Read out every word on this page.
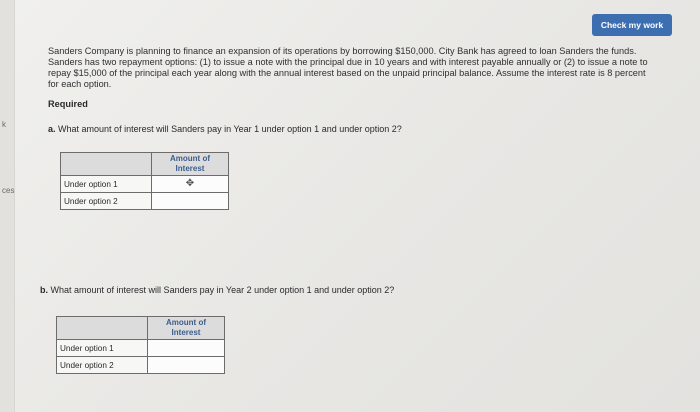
k
ces
Check my work
Sanders Company is planning to finance an expansion of its operations by borrowing $150,000. City Bank has agreed to loan Sanders the funds. Sanders has two repayment options: (1) to issue a note with the principal due in 10 years and with interest payable annually or (2) to issue a note to repay $15,000 of the principal each year along with the annual interest based on the unpaid principal balance. Assume the interest rate is 8 percent for each option.
Required
a. What amount of interest will Sanders pay in Year 1 under option 1 and under option 2?
	Amount of Interest
Under option 1	✥

Under option 2	
b. What amount of interest will Sanders pay in Year 2 under option 1 and under option 2?
	Amount of Interest
Under option 1	
Under option 2	
